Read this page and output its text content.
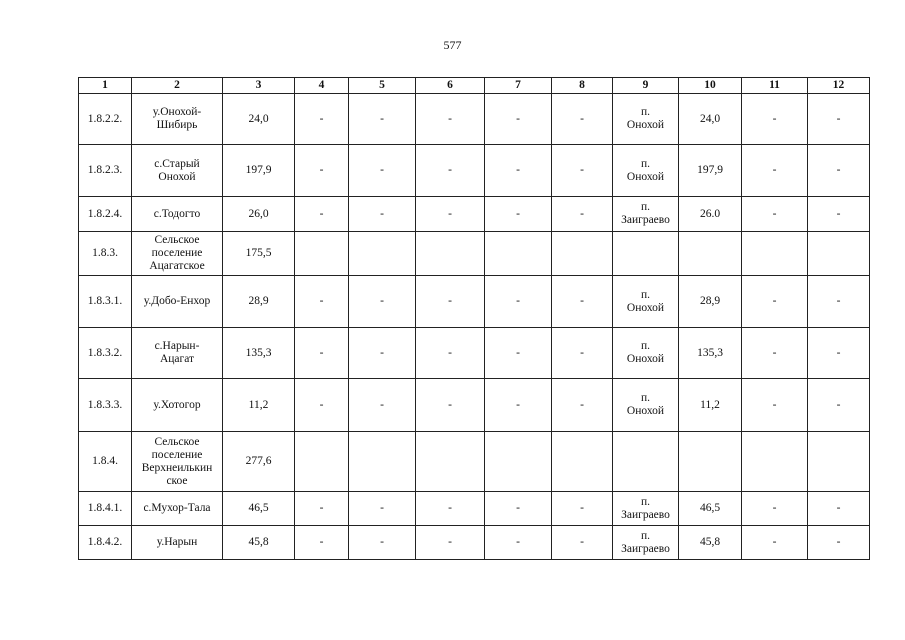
577
1	2	3	4	5	6	7	8	9	10	11	12

1.8.2.2.	у.Онохой-
Шибирь	24,0	-	-	-	-	-	п.
Онохой	24,0	-	-

1.8.2.3.	с.Старый
Онохой	197,9	-	-	-	-	-	п.
Онохой	197,9	-	-

1.8.2.4.	с.Тодогто	26,0	-	-	-	-	-	п.
Заиграево	26.0	-	-

1.8.3.	Сельское
поселение
Ацагатское	175,5									

1.8.3.1.	у.Добо-Енхор	28,9	-	-	-	-	-	п.
Онохой	28,9	-	-

1.8.3.2.	с.Нарын-
Ацагат	135,3	-	-	-	-	-	п.
Онохой	135,3	-	-

1.8.3.3.	у.Хотогор	11,2	-	-	-	-	-	п.
Онохой	11,2	-	-

1.8.4.	Сельское
поселение
Верхнеилькин
ское	277,6									

1.8.4.1.	с.Мухор-Тала	46,5	-	-	-	-	-	п.
Заиграево	46,5	-	-

1.8.4.2.	у.Нарын	45,8	-	-	-	-	-	п.
Заиграево	45,8	-	-
